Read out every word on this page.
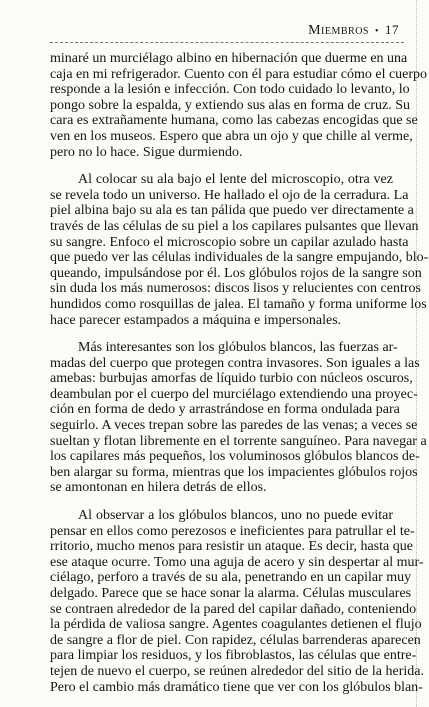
Miembros • 17
minaré un murciélago albino en hibernación que duerme en una
caja en mi refrigerador. Cuento con él para estudiar cómo el cuerpo
responde a la lesión e infección. Con todo cuidado lo levanto, lo
pongo sobre la espalda, y extiendo sus alas en forma de cruz. Su
cara es extrañamente humana, como las cabezas encogidas que se
ven en los museos. Espero que abra un ojo y que chille al verme,
pero no lo hace. Sigue durmiendo.
Al colocar su ala bajo el lente del microscopio, otra vez
se revela todo un universo. He hallado el ojo de la cerradura. La
piel albina bajo su ala es tan pálida que puedo ver directamente a
través de las células de su piel a los capilares pulsantes que llevan
su sangre. Enfoco el microscopio sobre un capilar azulado hasta
que puedo ver las células individuales de la sangre empujando, blo-
queando, impulsándose por él. Los glóbulos rojos de la sangre son
sin duda los más numerosos: discos lisos y relucientes con centros
hundidos como rosquillas de jalea. El tamaño y forma uniforme los
hace parecer estampados a máquina e impersonales.
Más interesantes son los glóbulos blancos, las fuerzas ar-
madas del cuerpo que protegen contra invasores. Son iguales a las
amebas: burbujas amorfas de líquido turbio con núcleos oscuros,
deambulan por el cuerpo del murciélago extendiendo una proyec-
ción en forma de dedo y arrastrándose en forma ondulada para
seguirlo. A veces trepan sobre las paredes de las venas; a veces se
sueltan y flotan libremente en el torrente sanguíneo. Para navegar a
los capilares más pequeños, los voluminosos glóbulos blancos de-
ben alargar su forma, mientras que los impacientes glóbulos rojos
se amontonan en hilera detrás de ellos.
Al observar a los glóbulos blancos, uno no puede evitar
pensar en ellos como perezosos e ineficientes para patrullar el te-
rritorio, mucho menos para resistir un ataque. Es decir, hasta que
ese ataque ocurre. Tomo una aguja de acero y sin despertar al mur-
ciélago, perforo a través de su ala, penetrando en un capilar muy
delgado. Parece que se hace sonar la alarma. Células musculares
se contraen alrededor de la pared del capilar dañado, conteniendo
la pérdida de valiosa sangre. Agentes coagulantes detienen el flujo
de sangre a flor de piel. Con rapidez, células barrenderas aparecen
para limpiar los residuos, y los fibroblastos, las células que entre-
tejen de nuevo el cuerpo, se reúnen alrededor del sitio de la herida.
Pero el cambio más dramático tiene que ver con los glóbulos blan-
